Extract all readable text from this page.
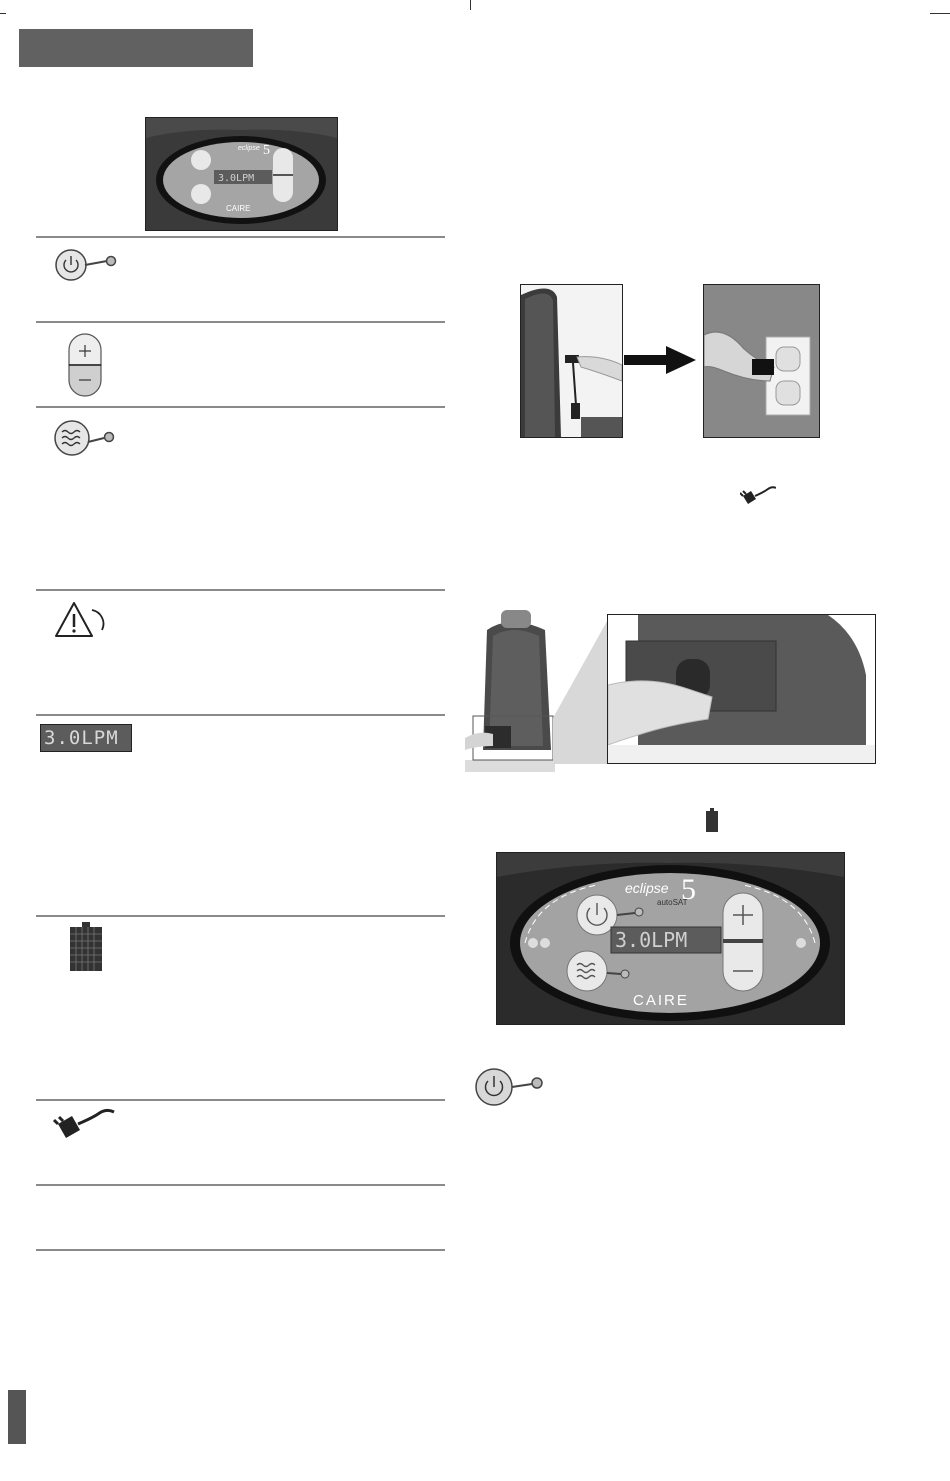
3.0LPM
CAIRE
eclipse 5
3.0LPM
3.0LPM
eclipse 5
autoSAT
CAIRE
